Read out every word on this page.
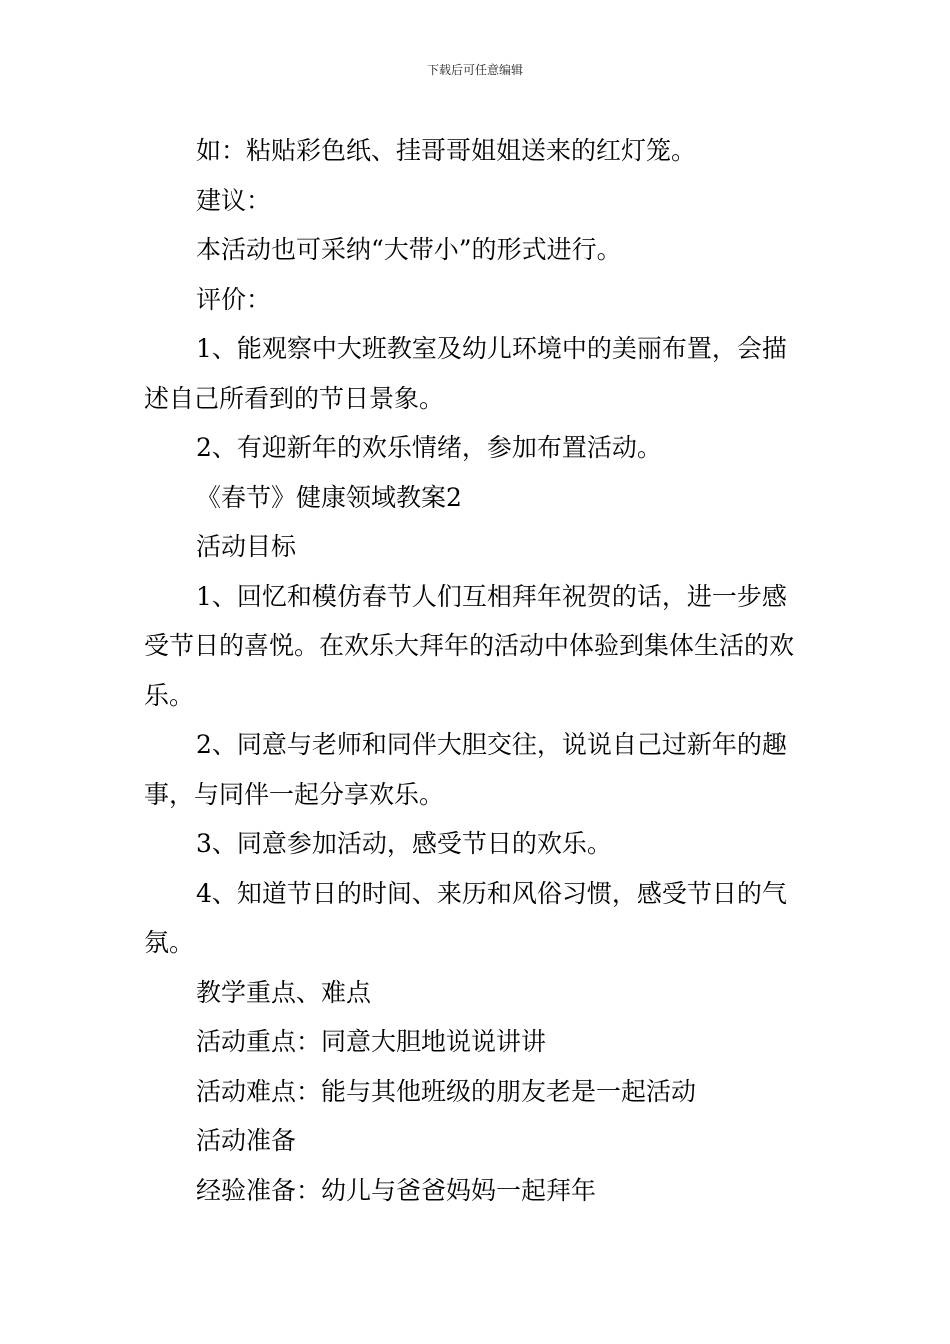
下载后可任意编辑

如：粘贴彩色纸、挂哥哥姐姐送来的红灯笼。

建议：

本活动也可采纳“大带小”的形式进行。

评价：

1、能观察中大班教室及幼儿环境中的美丽布置，会描述自己所看到的节日景象。

2、有迎新年的欢乐情绪，参加布置活动。

《春节》健康领域教案2

活动目标

1、回忆和模仿春节人们互相拜年祝贺的话，进一步感受节日的喜悦。在欢乐大拜年的活动中体验到集体生活的欢乐。

2、同意与老师和同伴大胆交往，说说自己过新年的趣事，与同伴一起分享欢乐。

3、同意参加活动，感受节日的欢乐。

4、知道节日的时间、来历和风俗习惯，感受节日的气氛。

教学重点、难点

活动重点：同意大胆地说说讲讲

活动难点：能与其他班级的朋友老是一起活动

活动准备

经验准备：幼儿与爸爸妈妈一起拜年
